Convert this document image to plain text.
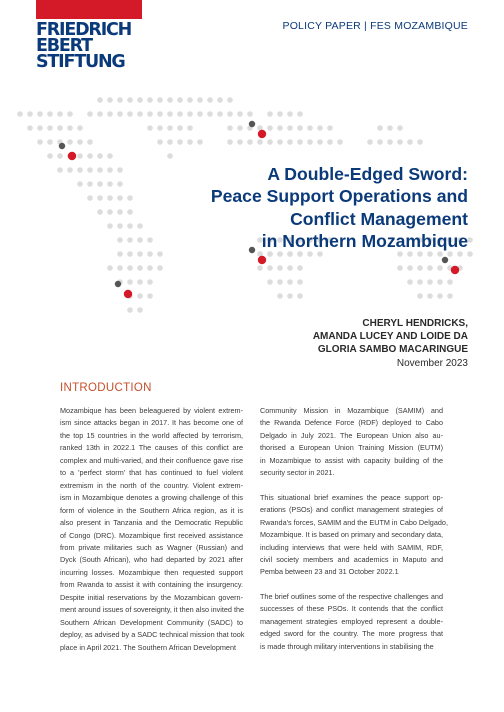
FRIEDRICH
EBERT
STIFTUNG
POLICY PAPER | FES MOZAMBIQUE
A Double-Edged Sword:
Peace Support Operations and
Conflict Management
in Northern Mozambique
CHERYL HENDRICKS,
AMANDA LUCEY AND LOIDE DA
GLORIA SAMBO MACARINGUE
November 2023
INTRODUCTION

Mozambique has been beleaguered by violent extrem-
ism since attacks began in 2017. It has become one of
the top 15 countries in the world affected by terrorism,
ranked 13th in 2022.1 The causes of this conflict are
complex and multi-varied, and their confluence gave rise
to a 'perfect storm' that has continued to fuel violent
extremism in the north of the country. Violent extrem-
ism in Mozambique denotes a growing challenge of this
form of violence in the Southern Africa region, as it is
also present in Tanzania and the Democratic Republic
of Congo (DRC). Mozambique first received assistance
from private militaries such as Wagner (Russian) and
Dyck (South African), who had departed by 2021 after
incurring losses. Mozambique then requested support
from Rwanda to assist it with containing the insurgency.
Despite initial reservations by the Mozambican govern-
ment around issues of sovereignty, it then also invited the
Southern African Development Community (SADC) to
deploy, as advised by a SADC technical mission that took
place in April 2021. The Southern African Development

Community Mission in Mozambique (SAMIM) and
the Rwanda Defence Force (RDF) deployed to Cabo
Delgado in July 2021. The European Union also au-
thorised a European Union Training Mission (EUTM)
in Mozambique to assist with capacity building of the
security sector in 2021.

This situational brief examines the peace support op-
erations (PSOs) and conflict management strategies of
Rwanda's forces, SAMIM and the EUTM in Cabo Delgado,
Mozambique. It is based on primary and secondary data,
including interviews that were held with SAMIM, RDF,
civil society members and academics in Maputo and
Pemba between 23 and 31 October 2022.1

The brief outlines some of the respective challenges and
successes of these PSOs. It contends that the conflict
management strategies employed represent a double-
edged sword for the country. The more progress that
is made through military interventions in stabilising the
